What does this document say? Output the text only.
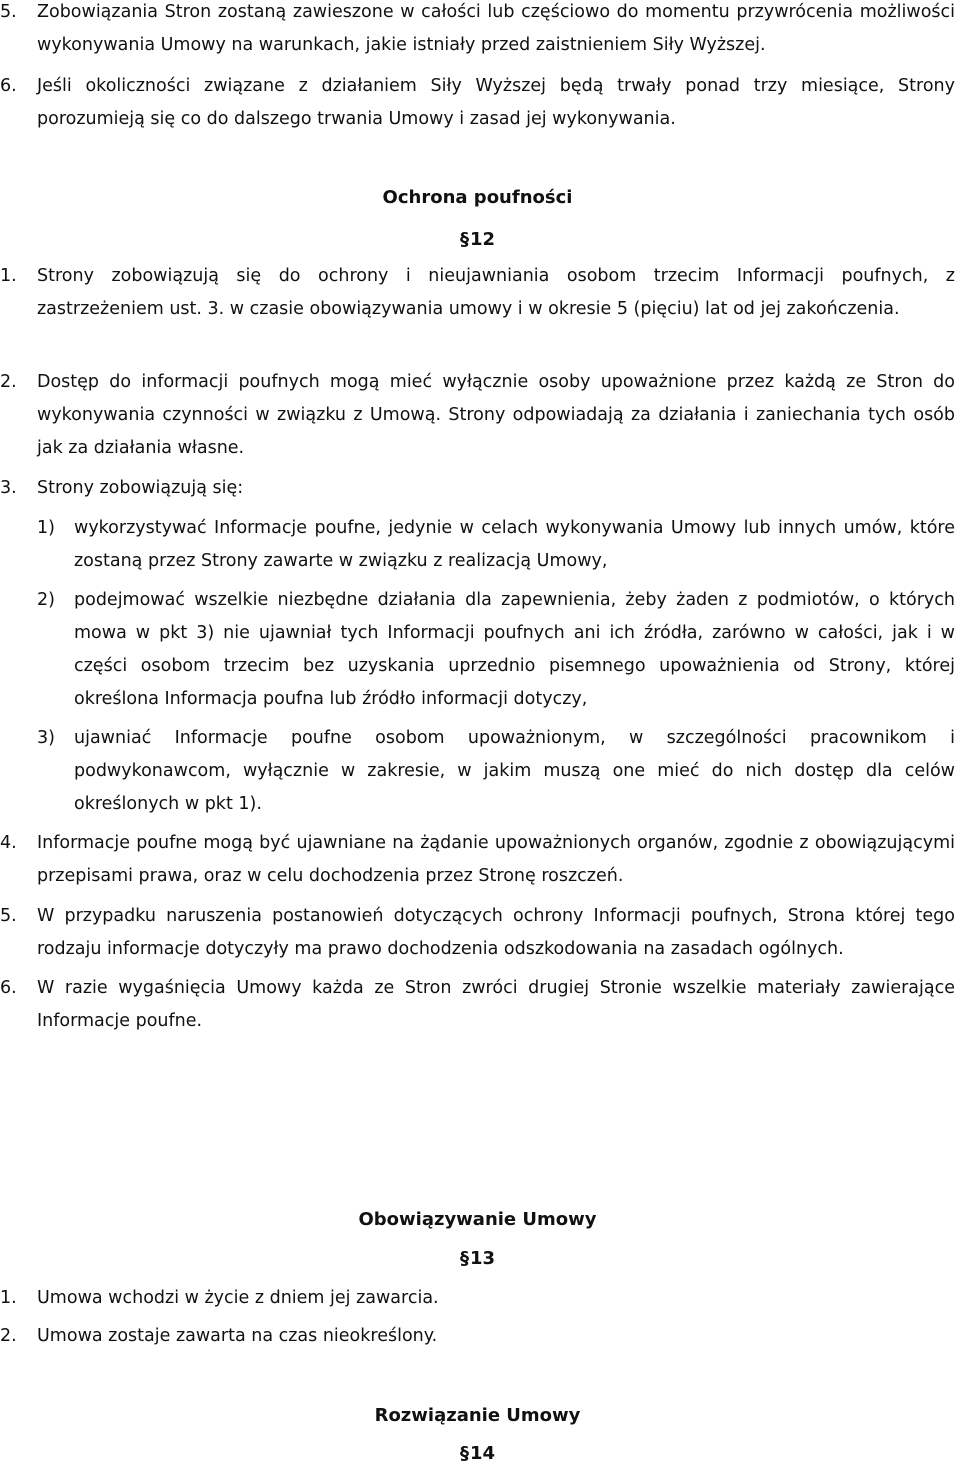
5. Zobowiązania Stron zostaną zawieszone w całości lub częściowo do momentu przywrócenia możliwości wykonywania Umowy na warunkach, jakie istniały przed zaistnieniem Siły Wyższej.
6. Jeśli okoliczności związane z działaniem Siły Wyższej będą trwały ponad trzy miesiące, Strony porozumieją się co do dalszego trwania Umowy i zasad jej wykonywania.
Ochrona poufności
§12
1. Strony zobowiązują się do ochrony i nieujawniania osobom trzecim Informacji poufnych, z zastrzeżeniem ust. 3. w czasie obowiązywania umowy i w okresie 5 (pięciu) lat od jej zakończenia.
2. Dostęp do informacji poufnych mogą mieć wyłącznie osoby upoważnione przez każdą ze Stron do wykonywania czynności w związku z Umową. Strony odpowiadają za działania i zaniechania tych osób jak za działania własne.
3. Strony zobowiązują się:
1) wykorzystywać Informacje poufne, jedynie w celach wykonywania Umowy lub innych umów, które zostaną przez Strony zawarte w związku z realizacją Umowy,
2) podejmować wszelkie niezbędne działania dla zapewnienia, żeby żaden z podmiotów, o których mowa w pkt 3) nie ujawniał tych Informacji poufnych ani ich źródła, zarówno w całości, jak i w części osobom trzecim bez uzyskania uprzednio pisemnego upoważnienia od Strony, której określona Informacja poufna lub źródło informacji dotyczy,
3) ujawniać Informacje poufne osobom upoważnionym, w szczególności pracownikom i podwykonawcom, wyłącznie w zakresie, w jakim muszą one mieć do nich dostęp dla celów określonych w pkt 1).
4. Informacje poufne mogą być ujawniane na żądanie upoważnionych organów, zgodnie z obowiązującymi przepisami prawa, oraz w celu dochodzenia przez Stronę roszczeń.
5. W przypadku naruszenia postanowień dotyczących ochrony Informacji poufnych, Strona której tego rodzaju informacje dotyczyły ma prawo dochodzenia odszkodowania na zasadach ogólnych.
6. W razie wygaśnięcia Umowy każda ze Stron zwróci drugiej Stronie wszelkie materiały zawierające Informacje poufne.
Obowiązywanie Umowy
§13
1. Umowa wchodzi w życie z dniem jej zawarcia.
2. Umowa zostaje zawarta na czas nieokreślony.
Rozwiązanie Umowy
§14
